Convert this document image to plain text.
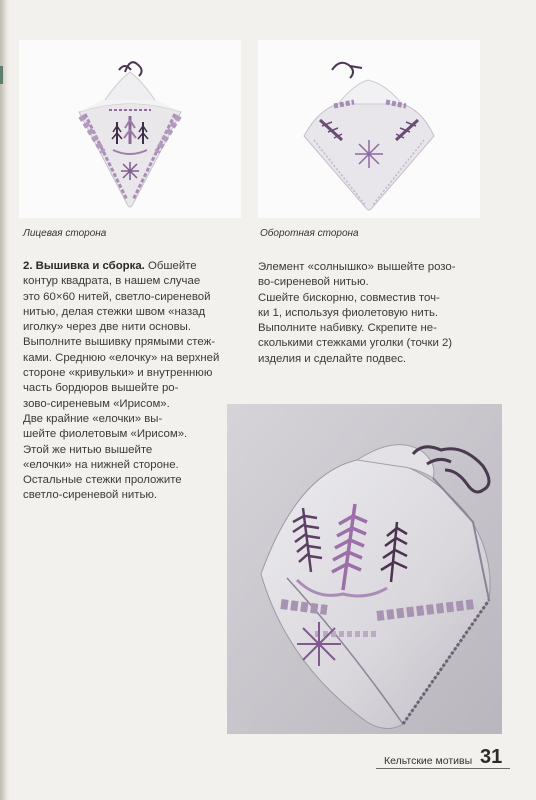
Лицевая сторона	Оборотная сторона

2. Вышивка и сборка. Обшейте

контур квадрата, в нашем случае

это 60×60 нитей, светло-сиреневой

нитью, делая стежки швом «назад

иголку» через две нити основы.

Выполните вышивку прямыми стеж-

ками. Среднюю «елочку» на верхней

стороне «кривульки» и внутреннюю

часть бордюров вышейте ро-

зово-сиреневым «Ирисом».

Две крайние «елочки» вы-

шейте фиолетовым «Ирисом».

Этой же нитью вышейте

«елочки» на нижней стороне.

Остальные стежки проложите

светло-сиреневой нитью.

Элемент «солнышко» вышейте розо-

во-сиреневой нитью.

Сшейте бискорню, совместив точ-

ки 1, используя фиолетовую нить.

Выполните набивку. Скрепите не-

сколькими стежками уголки (точки 2)

изделия и сделайте подвес.

Кельтские мотивы 31
